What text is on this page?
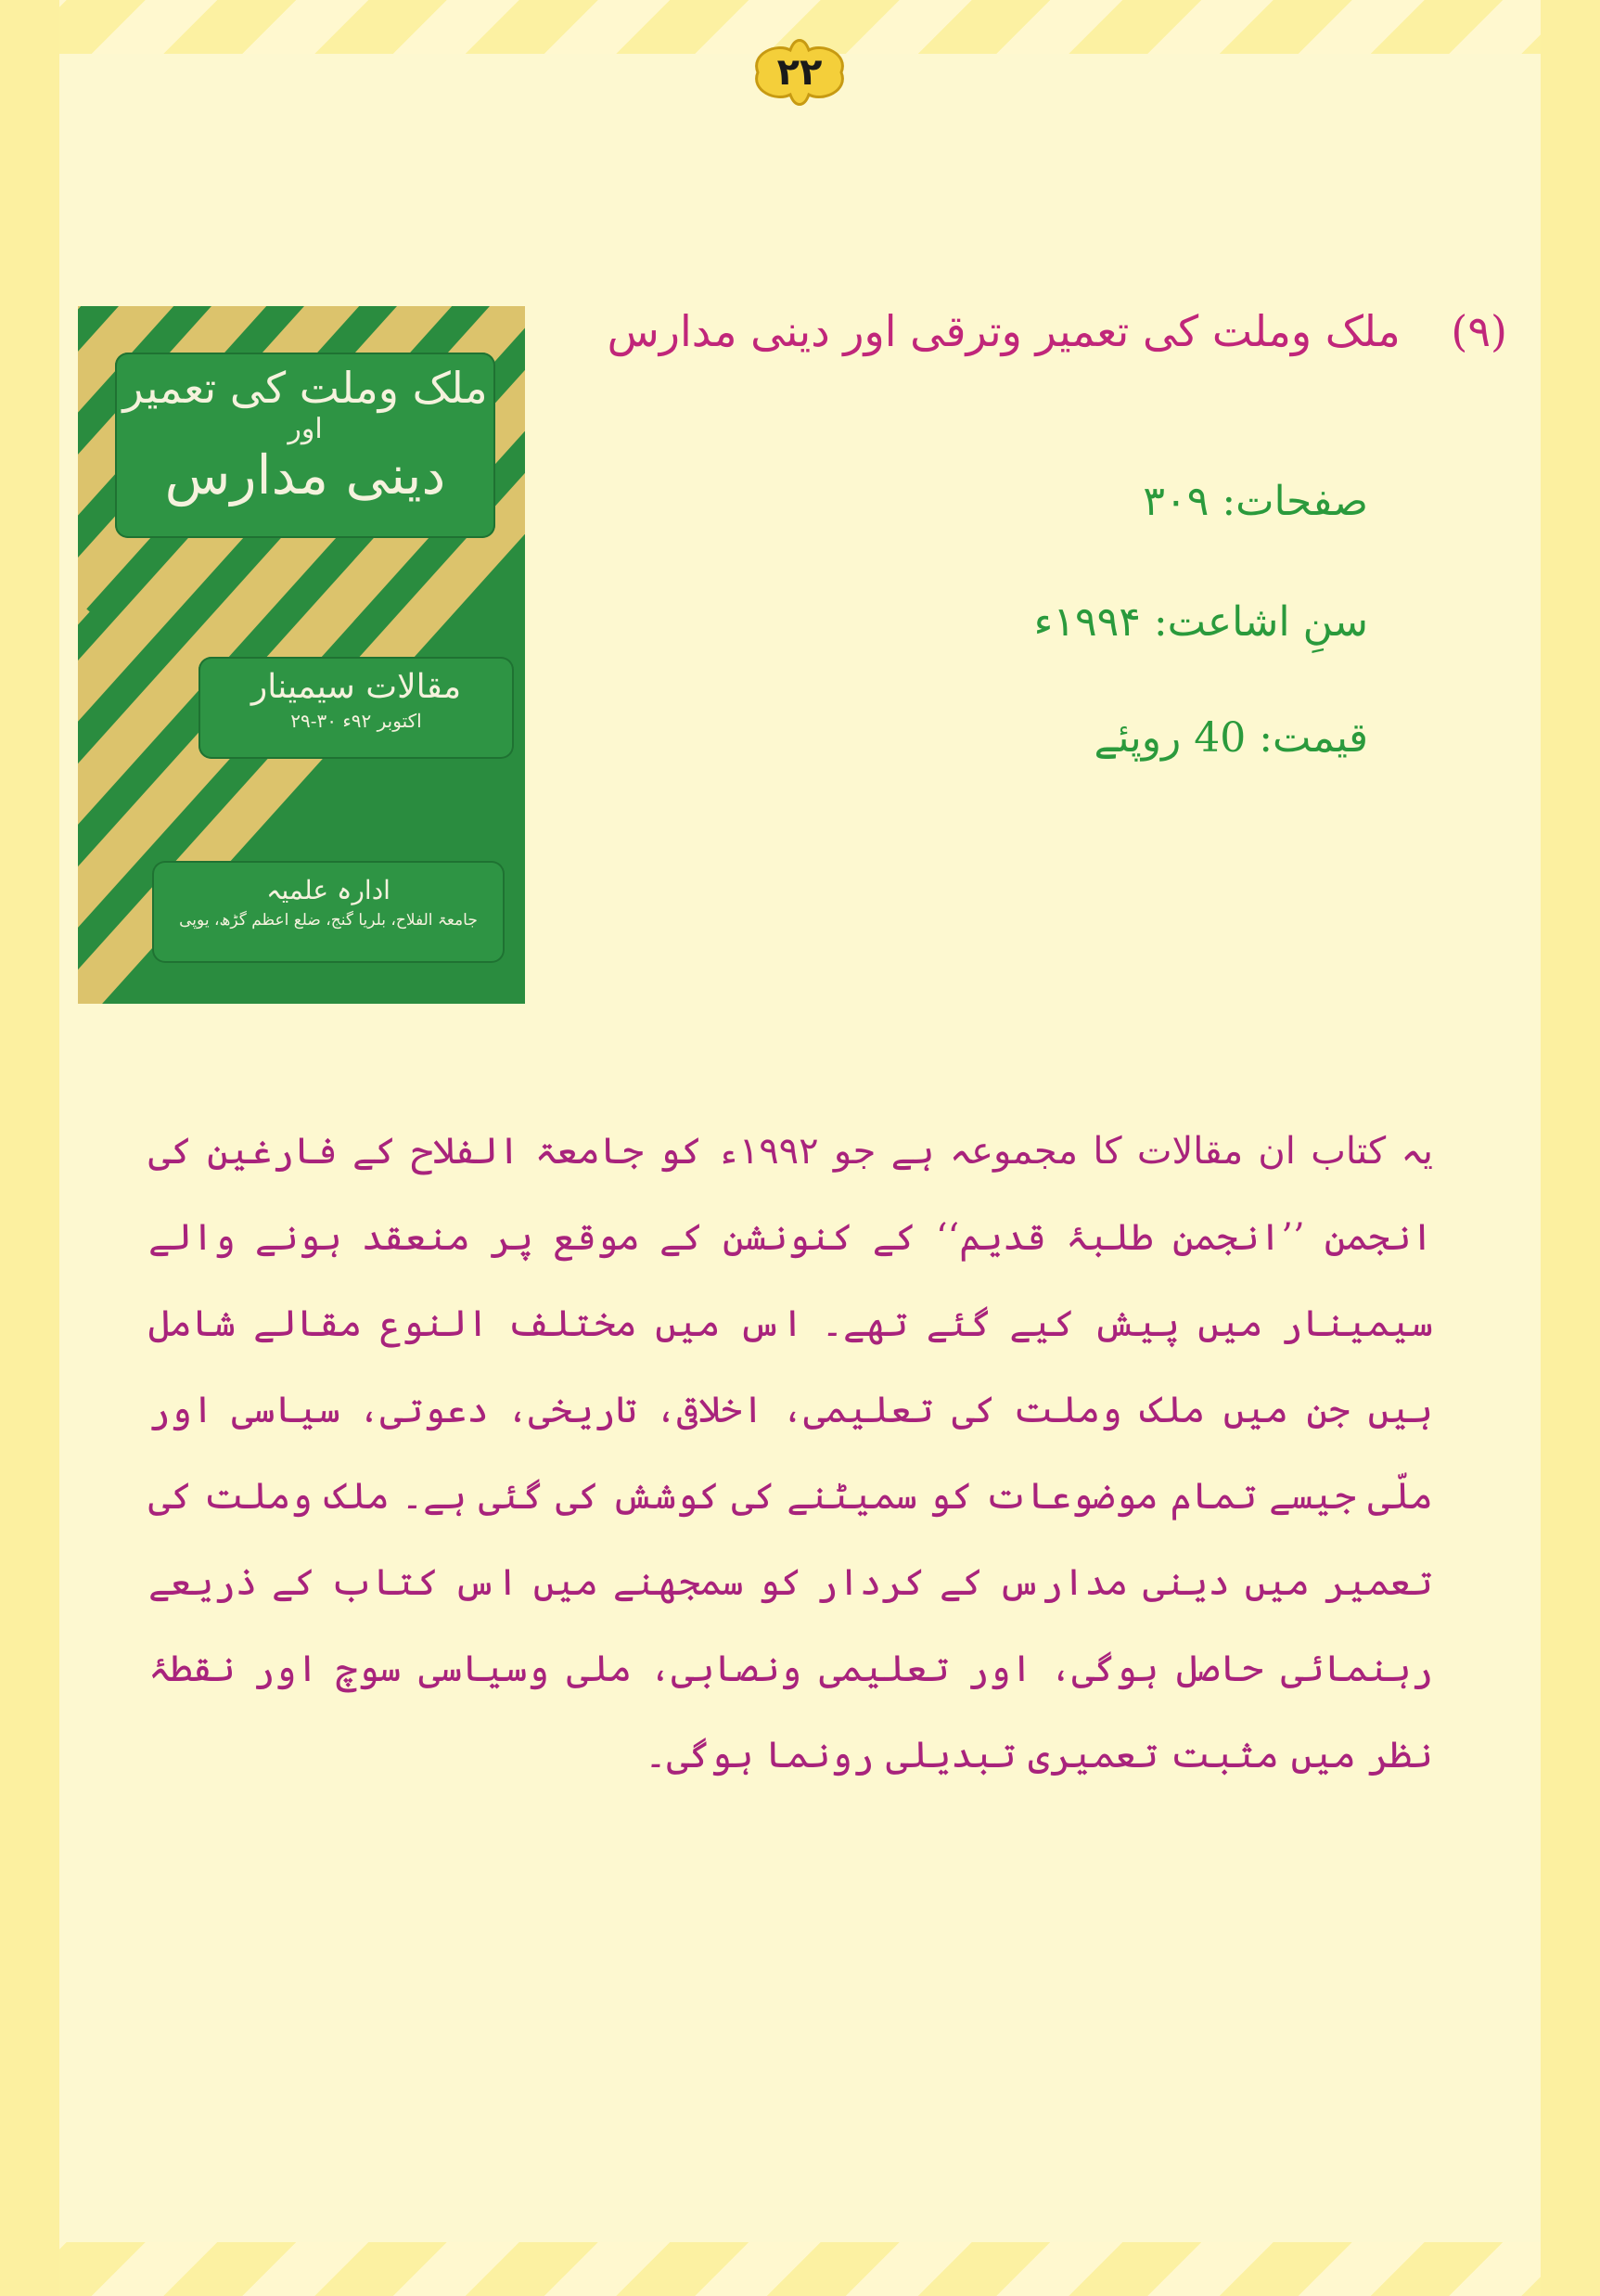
۲۲
ملک وملت کی تعمیر
اور
دینی مدارس
مقالات سیمینار
۲۹-۳۰ اکتوبر ۹۲ء
ادارہ علمیہ
جامعۃ الفلاح، بلریا گنج، ضلع اعظم گڑھ، یوپی
(۹) ملک وملت کی تعمیر وترقی اور دینی مدارس
صفحات: ۳۰۹
سنِ اشاعت: ۱۹۹۴ء
قیمت: 40 روپئے
یہ کتاب ان مقالات کا مجموعہ ہے جو ۱۹۹۲ء کو جامعۃ الفلاح کے فارغین کی انجمن ’’انجمن طلبۂ قدیم‘‘ کے کنونشن کے موقع پر منعقد ہونے والے سیمینار میں پیش کیے گئے تھے۔ اس میں مختلف النوع مقالے شامل ہیں جن میں ملک وملت کی تعلیمی، اخلاقی، تاریخی، دعوتی، سیاسی اور ملّی جیسے تمام موضوعات کو سمیٹنے کی کوشش کی گئی ہے۔ ملک وملت کی تعمیر میں دینی مدارس کے کردار کو سمجھنے میں اس کتاب کے ذریعے رہنمائی حاصل ہوگی، اور تعلیمی ونصابی، ملی وسیاسی سوچ اور نقطۂ نظر میں مثبت تعمیری تبدیلی رونما ہوگی۔
